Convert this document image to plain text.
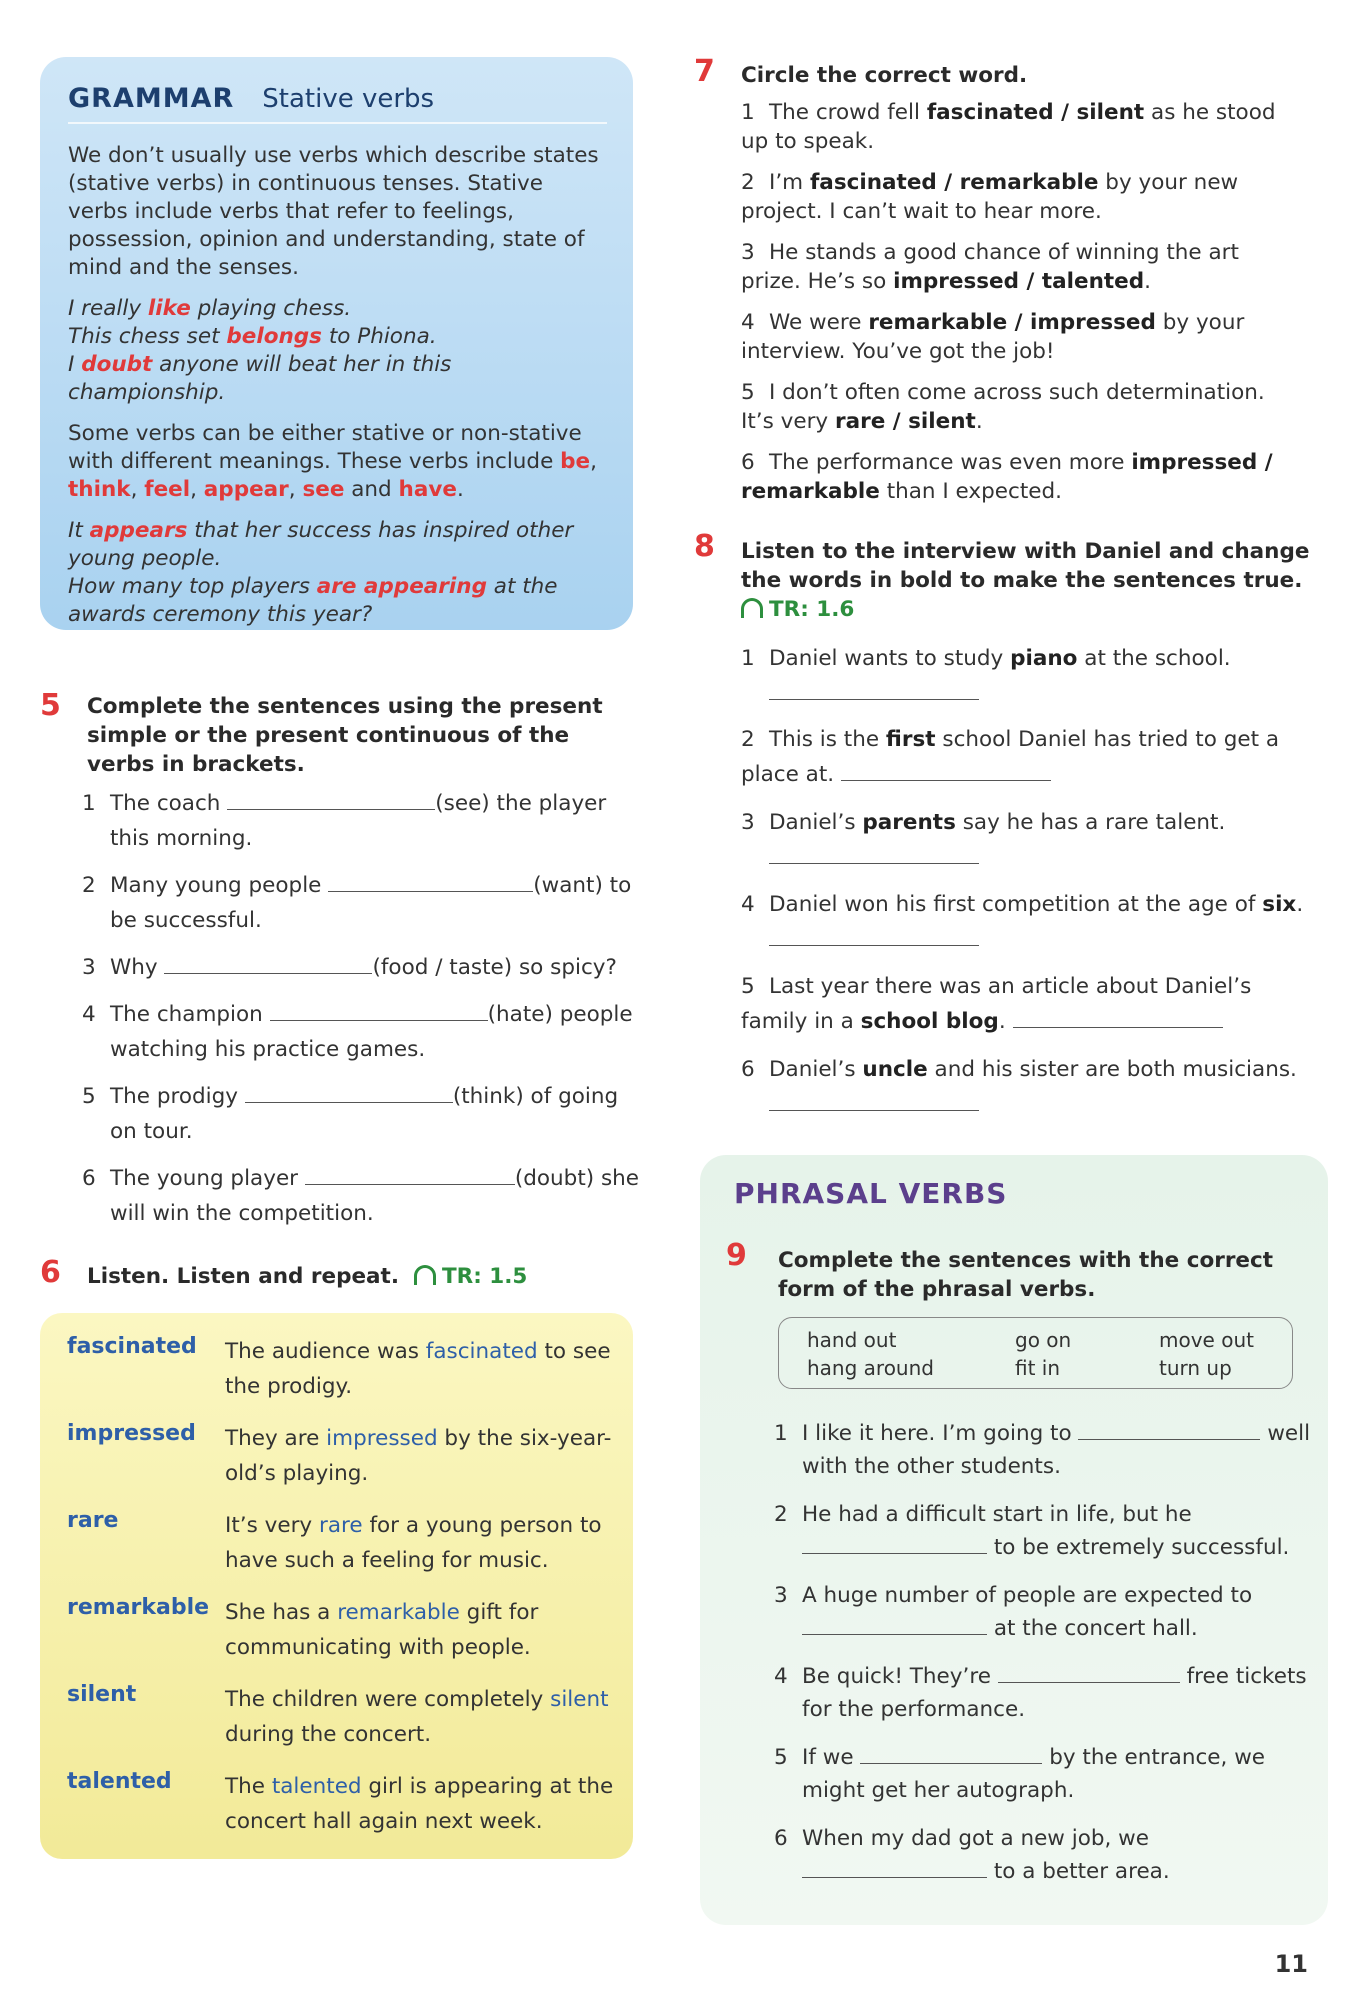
GRAMMAR Stative verbs

We don’t usually use verbs which describe states (stative verbs) in continuous tenses. Stative verbs include verbs that refer to feelings, possession, opinion and understanding, state of mind and the senses.

I really like playing chess.
This chess set belongs to Phiona.
I doubt anyone will beat her in this championship.

Some verbs can be either stative or non-stative with different meanings. These verbs include be, think, feel, appear, see and have.

It appears that her success has inspired other young people.
How many top players are appearing at the awards ceremony this year?

5 Complete the sentences using the present simple or the present continuous of the verbs in brackets.
1 The coach	(see) the player
this morning.
2 Many young people	(want) to
be successful.
3 Why	(food / taste) so spicy?
4 The champion	(hate) people
watching his practice games.
5 The prodigy	(think) of going
on tour.
6 The young player	(doubt) she
will win the competition.
6 Listen. Listen and repeat. TR: 1.5
fascinated The audience was fascinated to see the prodigy.
impressed They are impressed by the six-year-old’s playing.
rare	It’s very rare for a young person to have such a feeling for music.
remarkable She has a remarkable gift for communicating with people.
silent	The children were completely silent during the concert.
talented The talented girl is appearing at the concert hall again next week.
7 Circle the correct word.
1 The crowd fell fascinated / silent as he stood up to speak.
2 I’m fascinated / remarkable by your new project. I can’t wait to hear more.
3 He stands a good chance of winning the art prize. He’s so impressed / talented.
4 We were remarkable / impressed by your interview. You’ve got the job!
5 I don’t often come across such determination. It’s very rare / silent.
6 The performance was even more impressed / remarkable than I expected.
8 Listen to the interview with Daniel and change the words in bold to make the sentences true.
TR: 1.6
1 Daniel wants to study piano at the school.

2 This is the first school Daniel has tried to get a place at.
3 Daniel’s parents say he has a rare talent.

4 Daniel won his first competition at the age of six.

5 Last year there was an article about Daniel’s family in a school blog.
6 Daniel’s uncle and his sister are both musicians.

PHRASAL VERBS
9 Complete the sentences with the correct form of the phrasal verbs.
hand out	go on	move out
hang around	fit in	turn up
1 I like it here. I’m going to	well
with the other students.
2 He had a difficult start in life, but he
to be extremely successful.
3 A huge number of people are expected to
at the concert hall.
4 Be quick! They’re	free tickets
for the performance.
5 If we	by the entrance, we
might get her autograph.
6 When my dad got a new job, we
to a better area.
11
